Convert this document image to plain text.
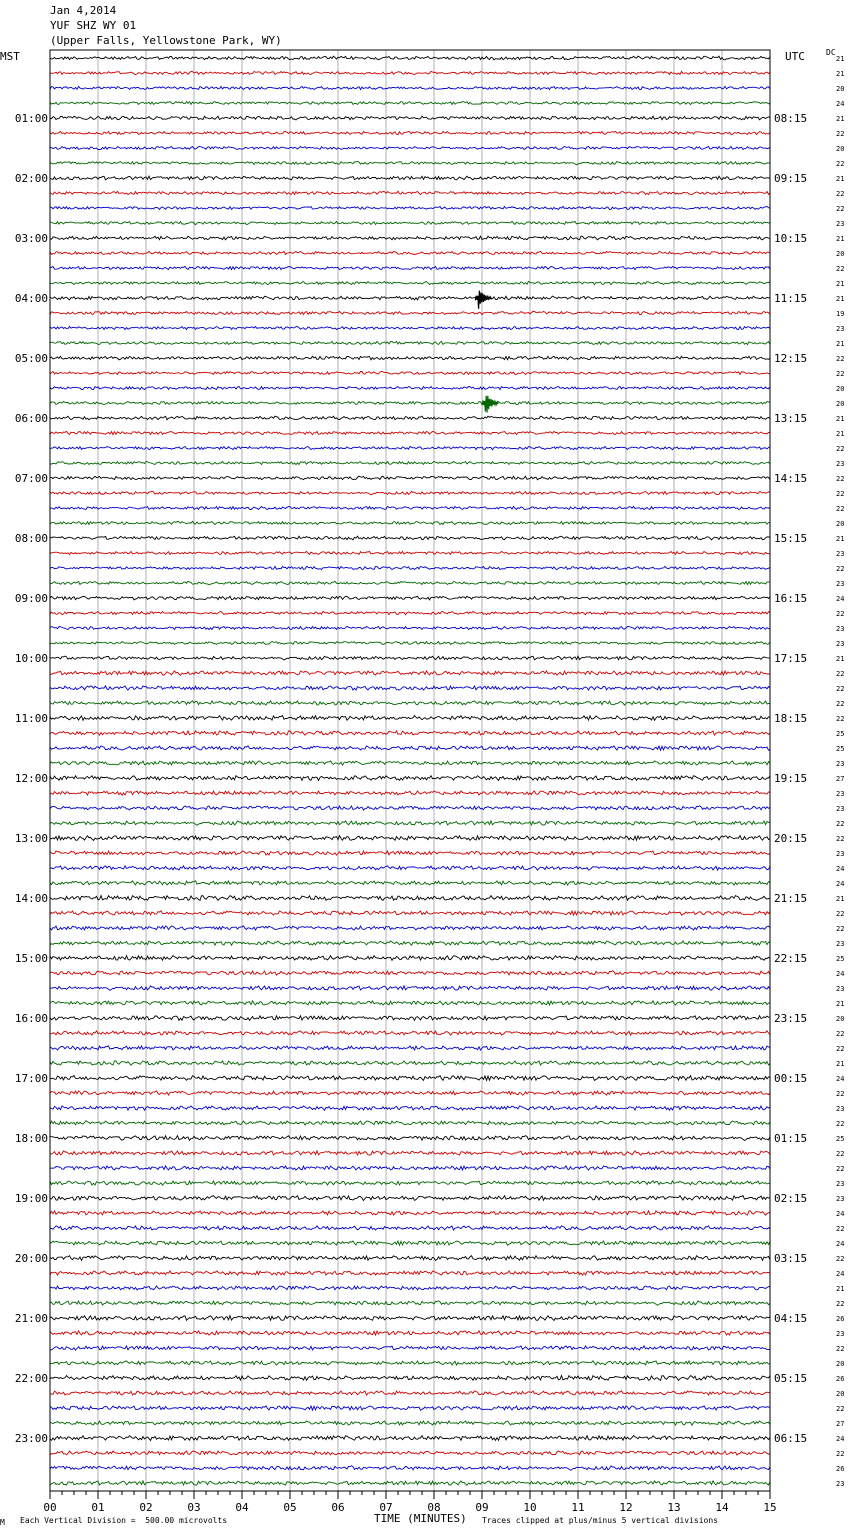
Jan 4,2014
YUF SHZ WY 01
(Upper Falls, Yellowstone Park, WY)
MST	UTC	DC
21
21
20
24
21
22
20
22
21
22
22
23
21
20
22
21
21
19
23
21
22
22
20
20
21
21
22
23
22
22
22
20
21
23
22
23
24
22
23
23
21
22
22
22
22
25
25
23
27
23
23
22
22
23
24
24
21
22
22
23
25
24
23
21
20
22
22
21
24
22
23
22
25
22
22
23
23
24
22
24
22
24
21
22
26
23
22
20
26
20
22
27
24
22
26
23
01:00	08:15
02:00	09:15
03:00	10:15
04:00	11:15
05:00	12:15
06:00	13:15
07:00	14:15
08:00	15:15
09:00	16:15
10:00	17:15
11:00	18:15
12:00	19:15
13:00	20:15
14:00	21:15
15:00	22:15
16:00	23:15
17:00	00:15
18:00	01:15
19:00	02:15
20:00	03:15
21:00	04:15
22:00	05:15
23:00	06:15
00	01	02	03	04	05	06	07	08	09	10	11	12	13	14	15
M Each Vertical Division =  500.00 microvolts	TIME (MINUTES) Traces clipped at plus/minus 5 vertical divisions
